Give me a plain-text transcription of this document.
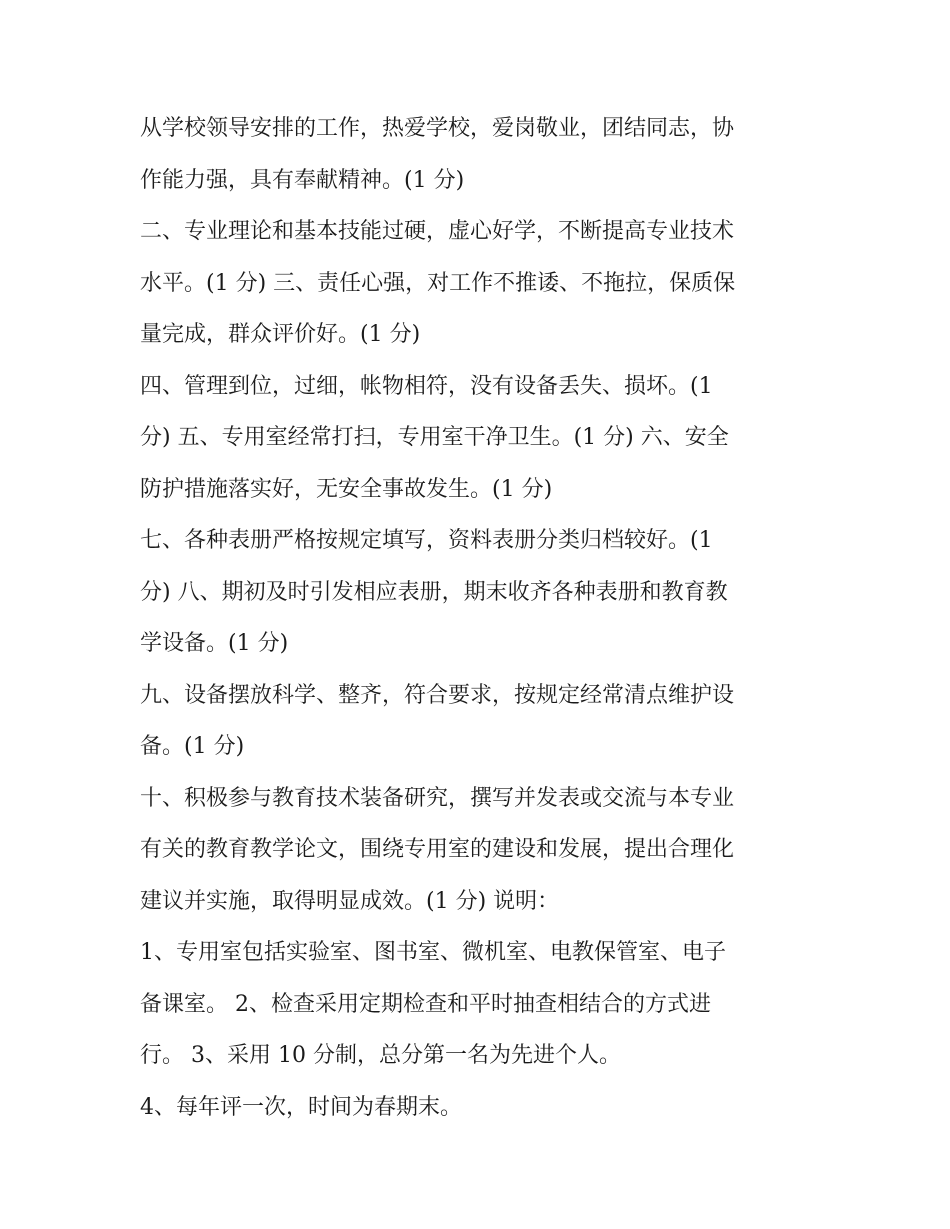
从学校领导安排的工作，热爱学校，爱岗敬业，团结同志，协
作能力强，具有奉献精神。(1 分)
二、专业理论和基本技能过硬，虚心好学，不断提高专业技术
水平。(1 分) 三、责任心强，对工作不推诿、不拖拉，保质保
量完成，群众评价好。(1 分)
四、管理到位，过细，帐物相符，没有设备丢失、损坏。(1
分) 五、专用室经常打扫，专用室干净卫生。(1 分) 六、安全
防护措施落实好，无安全事故发生。(1 分)
七、各种表册严格按规定填写，资料表册分类归档较好。(1
分) 八、期初及时引发相应表册，期末收齐各种表册和教育教
学设备。(1 分)
九、设备摆放科学、整齐，符合要求，按规定经常清点维护设
备。(1 分)
十、积极参与教育技术装备研究，撰写并发表或交流与本专业
有关的教育教学论文，围绕专用室的建设和发展，提出合理化
建议并实施，取得明显成效。(1 分) 说明：
1、专用室包括实验室、图书室、微机室、电教保管室、电子
备课室。 2、检查采用定期检查和平时抽查相结合的方式进
行。 3、采用 10 分制，总分第一名为先进个人。
4、每年评一次，时间为春期末。
